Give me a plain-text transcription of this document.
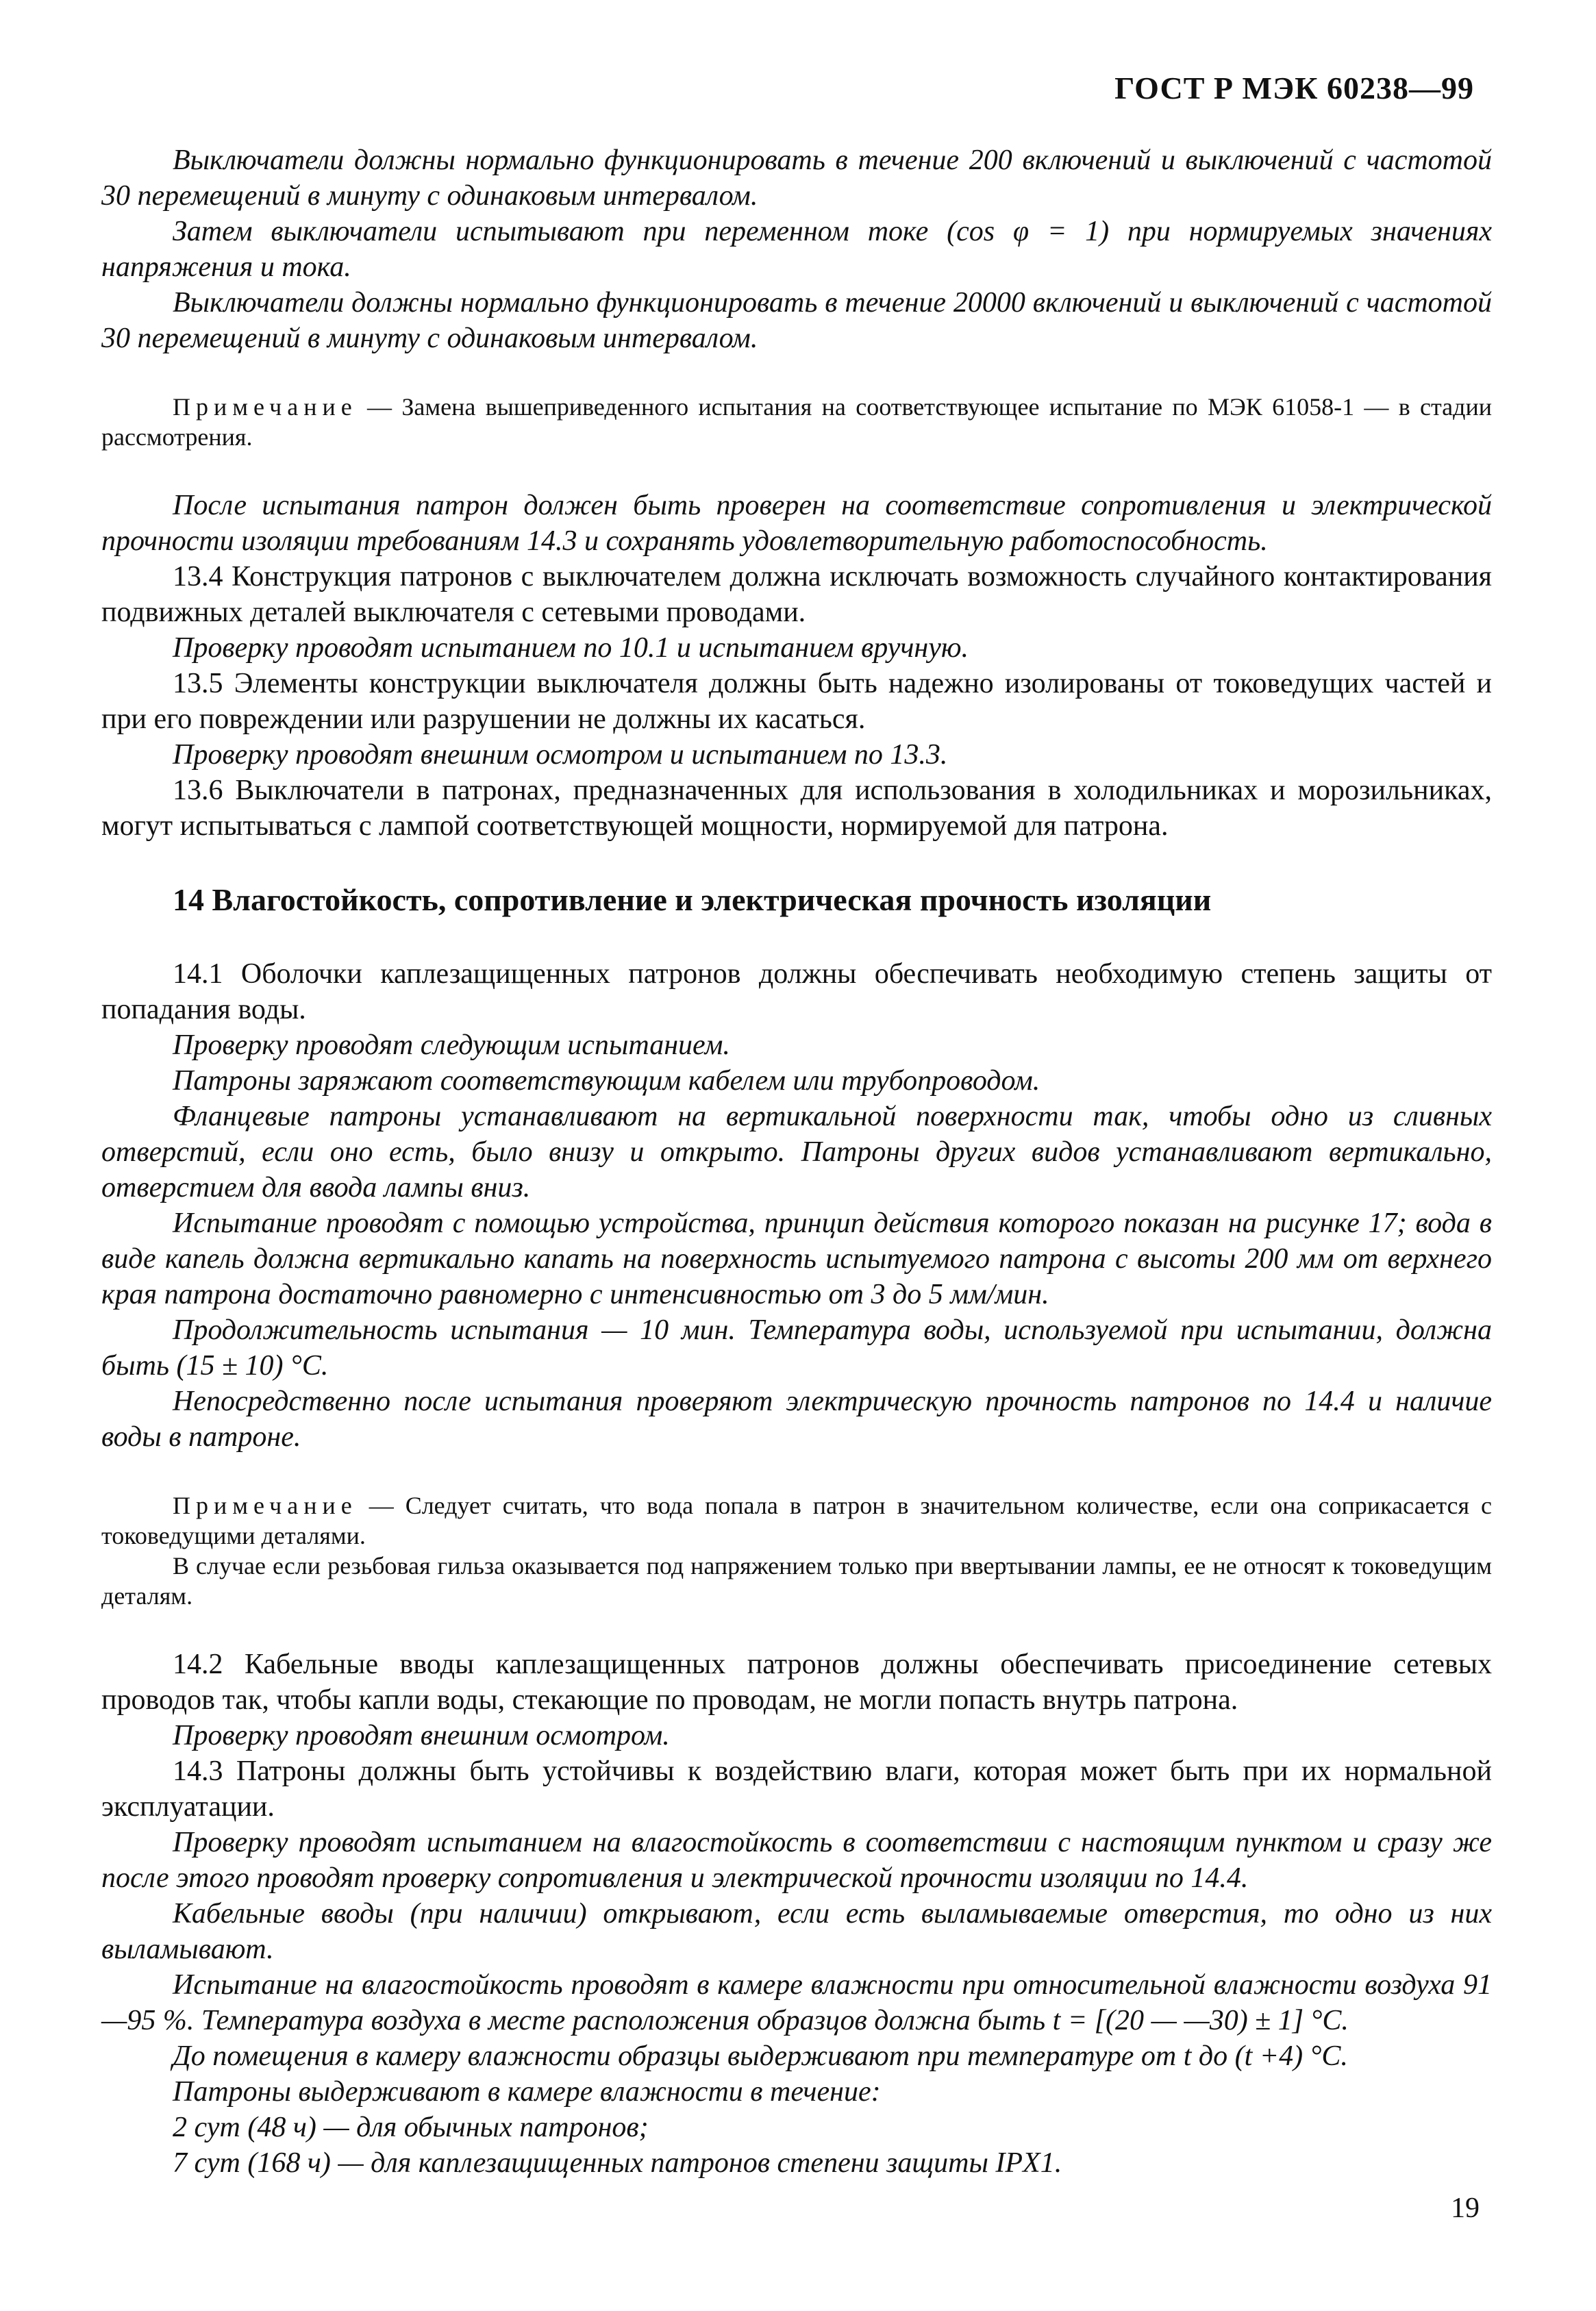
ГОСТ Р МЭК 60238—99

Выключатели должны нормально функционировать в течение 200 включений и выключений с частотой 30 перемещений в минуту с одинаковым интервалом.

Затем выключатели испытывают при переменном токе (cos φ = 1) при нормируемых значениях напряжения и тока.

Выключатели должны нормально функционировать в течение 20000 включений и выключений с частотой 30 перемещений в минуту с одинаковым интервалом.

Примечание — Замена вышеприведенного испытания на соответствующее испытание по МЭК 61058-1 — в стадии рассмотрения.

После испытания патрон должен быть проверен на соответствие сопротивления и электрической прочности изоляции требованиям 14.3 и сохранять удовлетворительную работоспособность.

13.4 Конструкция патронов с выключателем должна исключать возможность случайного контактирования подвижных деталей выключателя с сетевыми проводами.

Проверку проводят испытанием по 10.1 и испытанием вручную.

13.5 Элементы конструкции выключателя должны быть надежно изолированы от токоведущих частей и при его повреждении или разрушении не должны их касаться.

Проверку проводят внешним осмотром и испытанием по 13.3.

13.6 Выключатели в патронах, предназначенных для использования в холодильниках и морозильниках, могут испытываться с лампой соответствующей мощности, нормируемой для патрона.

14 Влагостойкость, сопротивление и электрическая прочность изоляции

14.1 Оболочки каплезащищенных патронов должны обеспечивать необходимую степень защиты от попадания воды.

Проверку проводят следующим испытанием.

Патроны заряжают соответствующим кабелем или трубопроводом.

Фланцевые патроны устанавливают на вертикальной поверхности так, чтобы одно из сливных отверстий, если оно есть, было внизу и открыто. Патроны других видов устанавливают вертикально, отверстием для ввода лампы вниз.

Испытание проводят с помощью устройства, принцип действия которого показан на рисунке 17; вода в виде капель должна вертикально капать на поверхность испытуемого патрона с высоты 200 мм от верхнего края патрона достаточно равномерно с интенсивностью от 3 до 5 мм/мин.

Продолжительность испытания — 10 мин. Температура воды, используемой при испытании, должна быть (15 ± 10) °С.

Непосредственно после испытания проверяют электрическую прочность патронов по 14.4 и наличие воды в патроне.

Примечание — Следует считать, что вода попала в патрон в значительном количестве, если она соприкасается с токоведущими деталями.

В случае если резьбовая гильза оказывается под напряжением только при ввертывании лампы, ее не относят к токоведущим деталям.

14.2 Кабельные вводы каплезащищенных патронов должны обеспечивать присоединение сетевых проводов так, чтобы капли воды, стекающие по проводам, не могли попасть внутрь патрона.

Проверку проводят внешним осмотром.

14.3 Патроны должны быть устойчивы к воздействию влаги, которая может быть при их нормальной эксплуатации.

Проверку проводят испытанием на влагостойкость в соответствии с настоящим пунктом и сразу же после этого проводят проверку сопротивления и электрической прочности изоляции по 14.4.

Кабельные вводы (при наличии) открывают, если есть выламываемые отверстия, то одно из них выламывают.

Испытание на влагостойкость проводят в камере влажности при относительной влажности воздуха 91—95 %. Температура воздуха в месте расположения образцов должна быть t = [(20 — —30) ± 1] °С.

До помещения в камеру влажности образцы выдерживают при температуре от t до (t +4) °С.

Патроны выдерживают в камере влажности в течение:

2 сут (48 ч) — для обычных патронов;

7 сут (168 ч) — для каплезащищенных патронов степени защиты IPX1.

19
